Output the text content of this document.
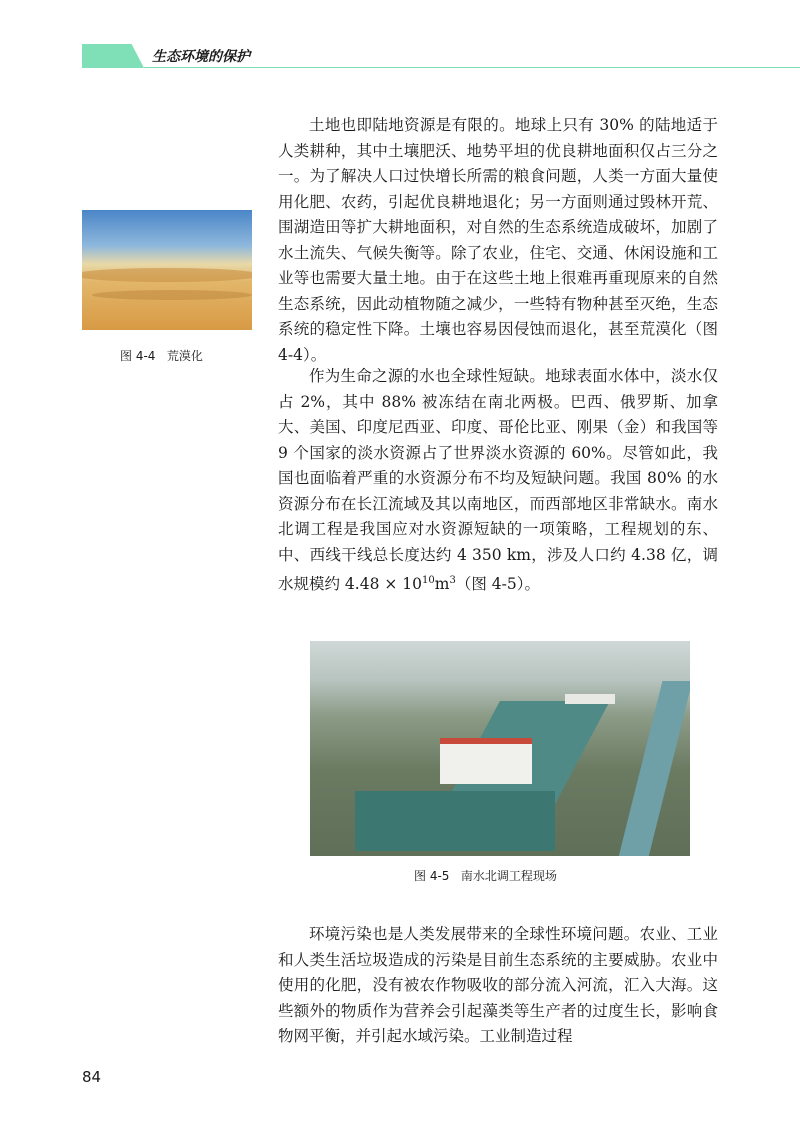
生态环境的保护

土地也即陆地资源是有限的。地球上只有 30% 的陆地适于人类耕种，其中土壤肥沃、地势平坦的优良耕地面积仅占三分之一。为了解决人口过快增长所需的粮食问题，人类一方面大量使用化肥、农药，引起优良耕地退化；另一方面则通过毁林开荒、围湖造田等扩大耕地面积，对自然的生态系统造成破坏，加剧了水土流失、气候失衡等。除了农业，住宅、交通、休闲设施和工业等也需要大量土地。由于在这些土地上很难再重现原来的自然生态系统，因此动植物随之减少，一些特有物种甚至灭绝，生态系统的稳定性下降。土壤也容易因侵蚀而退化，甚至荒漠化（图 4-4）。

图 4-4   荒漠化

作为生命之源的水也全球性短缺。地球表面水体中，淡水仅占 2%，其中 88% 被冻结在南北两极。巴西、俄罗斯、加拿大、美国、印度尼西亚、印度、哥伦比亚、刚果（金）和我国等 9 个国家的淡水资源占了世界淡水资源的 60%。尽管如此，我国也面临着严重的水资源分布不均及短缺问题。我国 80% 的水资源分布在长江流域及其以南地区，而西部地区非常缺水。南水北调工程是我国应对水资源短缺的一项策略，工程规划的东、中、西线干线总长度达约 4 350 km，涉及人口约 4.38 亿，调水规模约 $4.48 \times 10^{10}m^3$（图 4-5）。

图 4-5   南水北调工程现场

环境污染也是人类发展带来的全球性环境问题。农业、工业和人类生活垃圾造成的污染是目前生态系统的主要威胁。农业中使用的化肥，没有被农作物吸收的部分流入河流，汇入大海。这些额外的物质作为营养会引起藻类等生产者的过度生长，影响食物网平衡，并引起水域污染。工业制造过程

84
